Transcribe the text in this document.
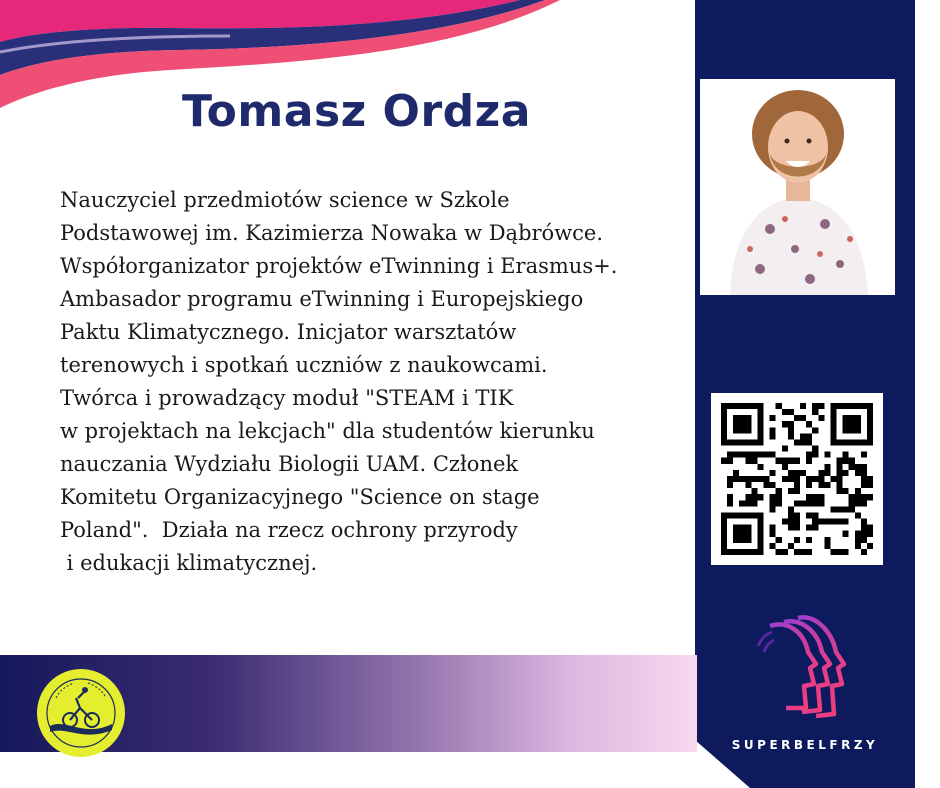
SUPERBELFRZY
Tomasz Ordza
Nauczyciel przedmiotów science w Szkole
Podstawowej im. Kazimierza Nowaka w Dąbrówce.
Współorganizator projektów eTwinning i Erasmus+.
Ambasador programu eTwinning i Europejskiego
Paktu Klimatycznego. Inicjator warsztatów
terenowych i spotkań uczniów z naukowcami.
Twórca i prowadzący moduł "STEAM i TIK
w projektach na lekcjach" dla studentów kierunku
nauczania Wydziału Biologii UAM. Członek
Komitetu Organizacyjnego "Science on stage
Poland".  Działa na rzecz ochrony przyrody
i edukacji klimatycznej.
